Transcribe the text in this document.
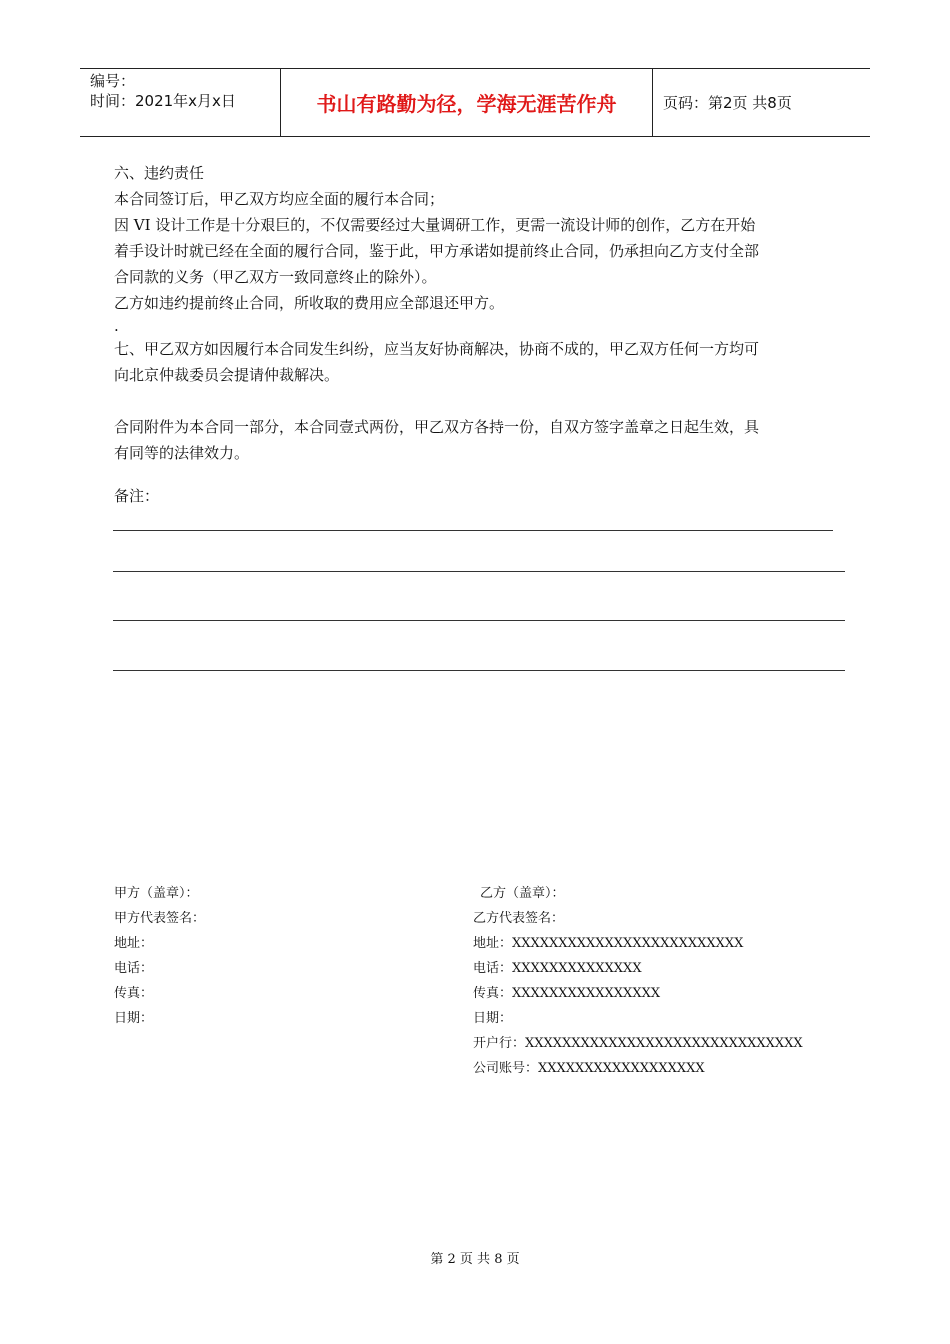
编号：
时间：2021年x月x日	书山有路勤为径，学海无涯苦作舟	页码：第2页 共8页

六、违约责任

本合同签订后，甲乙双方均应全面的履行本合同；

因 VI 设计工作是十分艰巨的，不仅需要经过大量调研工作，更需一流设计师的创作，乙方在开始

着手设计时就已经在全面的履行合同，鉴于此，甲方承诺如提前终止合同，仍承担向乙方支付全部

合同款的义务（甲乙双方一致同意终止的除外）。

乙方如违约提前终止合同，所收取的费用应全部退还甲方。

.

七、甲乙双方如因履行本合同发生纠纷，应当友好协商解决，协商不成的，甲乙双方任何一方均可

向北京仲裁委员会提请仲裁解决。

合同附件为本合同一部分，本合同壹式两份，甲乙双方各持一份，自双方签字盖章之日起生效，具

有同等的法律效力。

备注：

甲方（盖章）：
甲方代表签名：
地址：
电话：
传真：
日期：
乙方（盖章）：
乙方代表签名：
地址：XXXXXXXXXXXXXXXXXXXXXXXXX
电话：XXXXXXXXXXXXXX
传真：XXXXXXXXXXXXXXXX
日期：
开户行：XXXXXXXXXXXXXXXXXXXXXXXXXXXXXX
公司账号：XXXXXXXXXXXXXXXXXX
第 2 页 共 8 页
